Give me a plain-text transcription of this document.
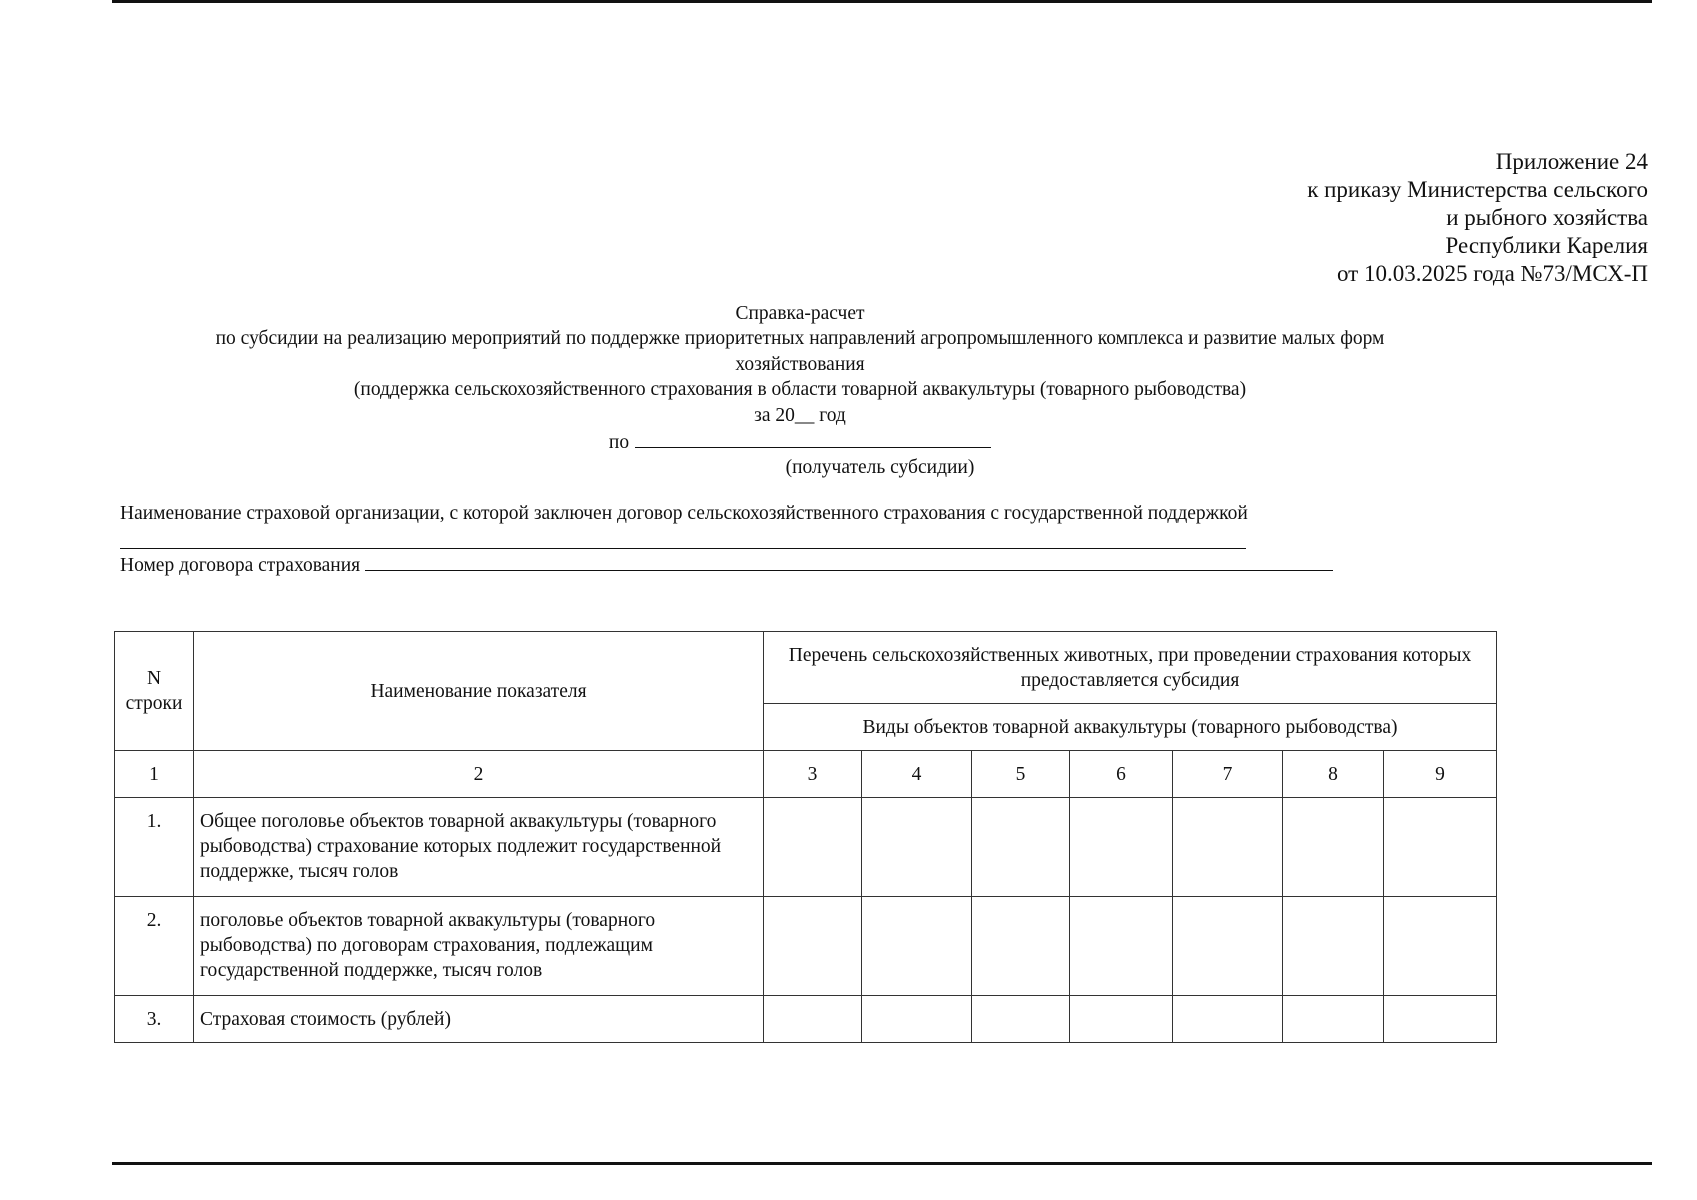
Приложение 24
к приказу Министерства сельского
и рыбного хозяйства
Республики Карелия
от 10.03.2025 года №73/МСХ-П
Справка-расчет
по субсидии на реализацию мероприятий по поддержке приоритетных направлений агропромышленного комплекса и развитие малых форм
хозяйствования
(поддержка сельскохозяйственного страхования в области товарной аквакультуры (товарного рыбоводства)
за 20__ год
по
(получатель субсидии)
Наименование страховой организации, с которой заключен договор сельскохозяйственного страхования с государственной поддержкой
Номер договора страхования
N строки	Наименование показателя	Перечень сельскохозяйственных животных, при проведении страхования которых предоставляется субсидия						
		Виды объектов товарной аквакультуры (товарного рыбоводства)						
1	2	3	4	5	6	7	8	9
1.	Общее поголовье объектов товарной аквакультуры (товарного рыбоводства) страхование которых подлежит государственной поддержке, тысяч голов							
2.	поголовье объектов товарной аквакультуры (товарного рыбоводства) по договорам страхования, подлежащим государственной поддержке, тысяч голов							
3.	Страховая стоимость (рублей)							
